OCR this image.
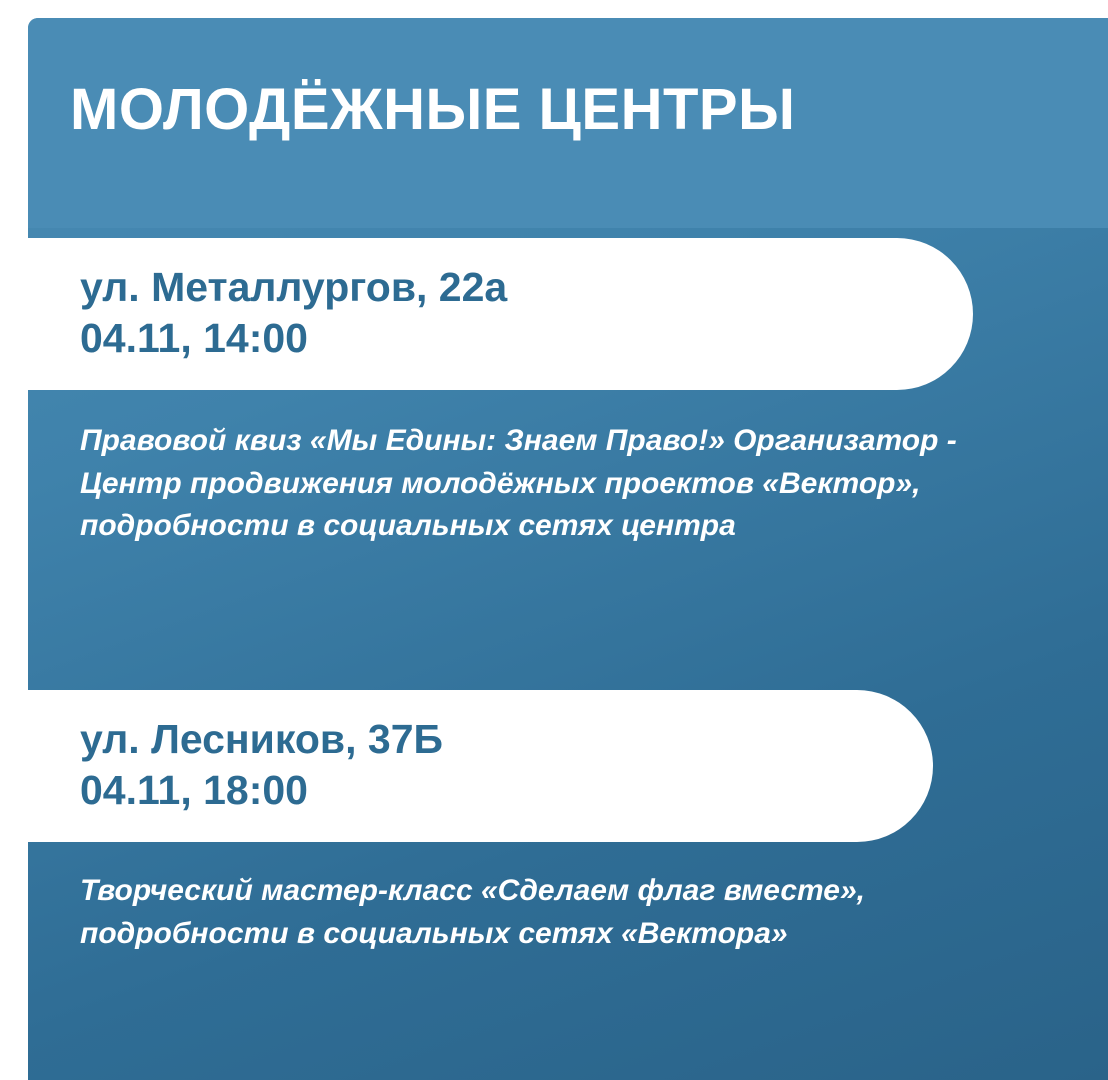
МОЛОДЁЖНЫЕ ЦЕНТРЫ
ул. Металлургов, 22а
04.11, 14:00
Правовой квиз «Мы Едины: Знаем Право!» Организатор - Центр продвижения молодёжных проектов «Вектор», подробности в социальных сетях центра
ул. Лесников, 37Б
04.11, 18:00
Творческий мастер-класс «Сделаем флаг вместе», подробности в социальных сетях «Вектора»
